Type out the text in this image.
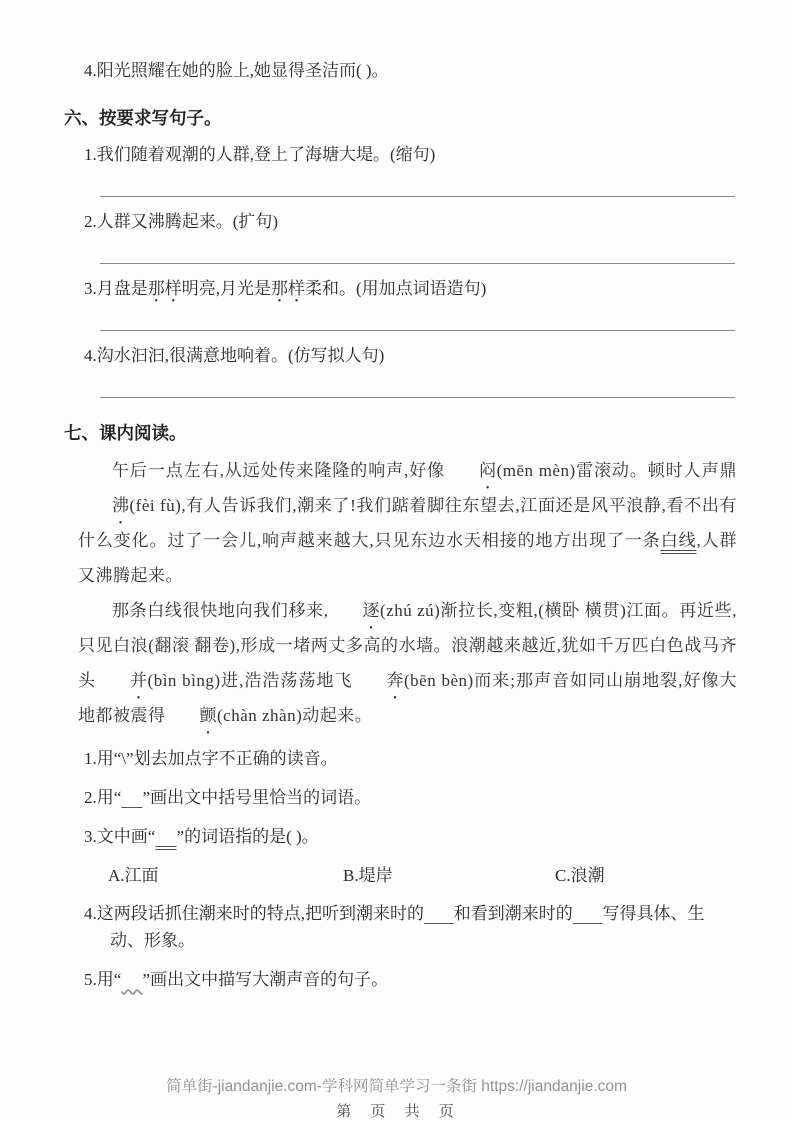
4.阳光照耀在她的脸上,她显得圣洁而( )。
六、按要求写句子。
1.我们随着观潮的人群,登上了海塘大堤。(缩句)
2.人群又沸腾起来。(扩句)
3.月盘是那样明亮,月光是那样柔和。(用加点词语造句)
4.沟水汩汩,很满意地响着。(仿写拟人句)
七、课内阅读。

午后一点左右,从远处传来隆隆的响声,好像 闷(mēn mèn)雷滚动。顿时人声鼎沸(fèi fù),有人告诉我们,潮来了!我们踮着脚往东望去,江面还是风平浪静,看不出有什么变化。过了一会儿,响声越来越大,只见东边水天相接的地方出现了一条白线,人群又沸腾起来。

那条白线很快地向我们移来, 逐(zhú zú)渐拉长,变粗,(横卧 横贯)江面。再近些,只见白浪(翻滚 翻卷),形成一堵两丈多高的水墙。浪潮越来越近,犹如千万匹白色战马齐头 并(bìn bìng)进,浩浩荡荡地飞 奔(bēn bèn)而来;那声音如同山崩地裂,好像大地都被震得 颤(chàn zhàn)动起来。

1.用“\”划去加点字不正确的读音。
2.用“ ”画出文中括号里恰当的词语。
3.文中画“ ”的词语指的是( )。
A.江面	B.堤岸	C.浪潮
4.这两段话抓住潮来时的特点,把听到潮来时的 和看到潮来时的 写得具体、生动、形象。
5.用“ ”画出文中描写大潮声音的句子。
简单街-jiandanjie.com-学科网简单学习一条街 https://jiandanjie.com
第 页 共 页
